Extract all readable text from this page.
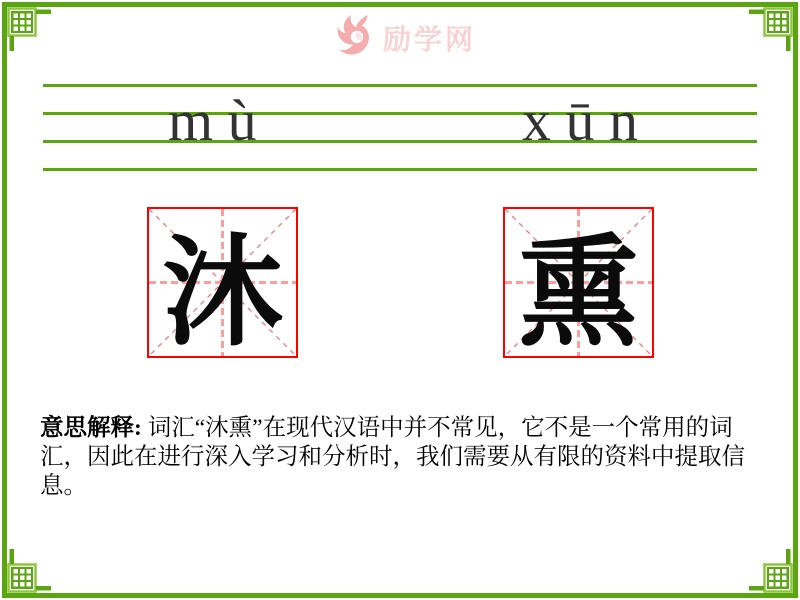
励学网
m ù	x ū n
沐 熏

意思解释: 词汇“沐熏”在现代汉语中并不常见，它不是一个常用的词汇，因此在进行深入学习和分析时，我们需要从有限的资料中提取信息。
